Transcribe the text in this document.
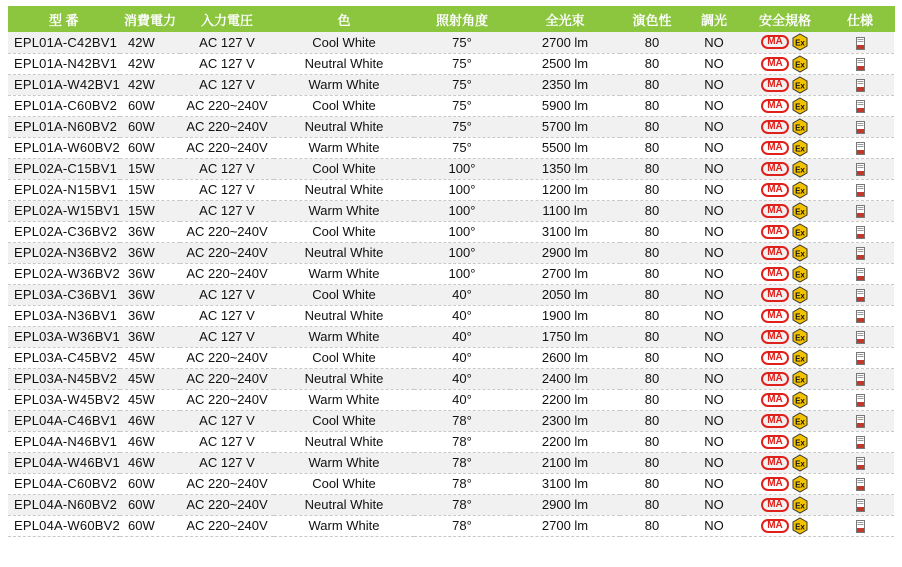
型 番	消費電力	入力電圧	色	照射角度	全光束	演色性	調光	安全規格	仕様
EPL01A-C42BV1	42W	AC 127 V	Cool White	75°	2700 lm	80	NO	MA Ex

EPL01A-N42BV1	42W	AC 127 V	Neutral White	75°	2500 lm	80	NO	MA Ex

EPL01A-W42BV1	42W	AC 127 V	Warm White	75°	2350 lm	80	NO	MA Ex

EPL01A-C60BV2	60W	AC 220~240V	Cool White	75°	5900 lm	80	NO	MA Ex

EPL01A-N60BV2	60W	AC 220~240V	Neutral White	75°	5700 lm	80	NO	MA Ex

EPL01A-W60BV2	60W	AC 220~240V	Warm White	75°	5500 lm	80	NO	MA Ex

EPL02A-C15BV1	15W	AC 127 V	Cool White	100°	1350 lm	80	NO	MA Ex

EPL02A-N15BV1	15W	AC 127 V	Neutral White	100°	1200 lm	80	NO	MA Ex

EPL02A-W15BV1	15W	AC 127 V	Warm White	100°	1100 lm	80	NO	MA Ex

EPL02A-C36BV2	36W	AC 220~240V	Cool White	100°	3100 lm	80	NO	MA Ex

EPL02A-N36BV2	36W	AC 220~240V	Neutral White	100°	2900 lm	80	NO	MA Ex

EPL02A-W36BV2	36W	AC 220~240V	Warm White	100°	2700 lm	80	NO	MA Ex

EPL03A-C36BV1	36W	AC 127 V	Cool White	40°	2050 lm	80	NO	MA Ex

EPL03A-N36BV1	36W	AC 127 V	Neutral White	40°	1900 lm	80	NO	MA Ex

EPL03A-W36BV1	36W	AC 127 V	Warm White	40°	1750 lm	80	NO	MA Ex

EPL03A-C45BV2	45W	AC 220~240V	Cool White	40°	2600 lm	80	NO	MA Ex

EPL03A-N45BV2	45W	AC 220~240V	Neutral White	40°	2400 lm	80	NO	MA Ex

EPL03A-W45BV2	45W	AC 220~240V	Warm White	40°	2200 lm	80	NO	MA Ex

EPL04A-C46BV1	46W	AC 127 V	Cool White	78°	2300 lm	80	NO	MA Ex

EPL04A-N46BV1	46W	AC 127 V	Neutral White	78°	2200 lm	80	NO	MA Ex

EPL04A-W46BV1	46W	AC 127 V	Warm White	78°	2100 lm	80	NO	MA Ex

EPL04A-C60BV2	60W	AC 220~240V	Cool White	78°	3100 lm	80	NO	MA Ex

EPL04A-N60BV2	60W	AC 220~240V	Neutral White	78°	2900 lm	80	NO	MA Ex

EPL04A-W60BV2	60W	AC 220~240V	Warm White	78°	2700 lm	80	NO	MA Ex
